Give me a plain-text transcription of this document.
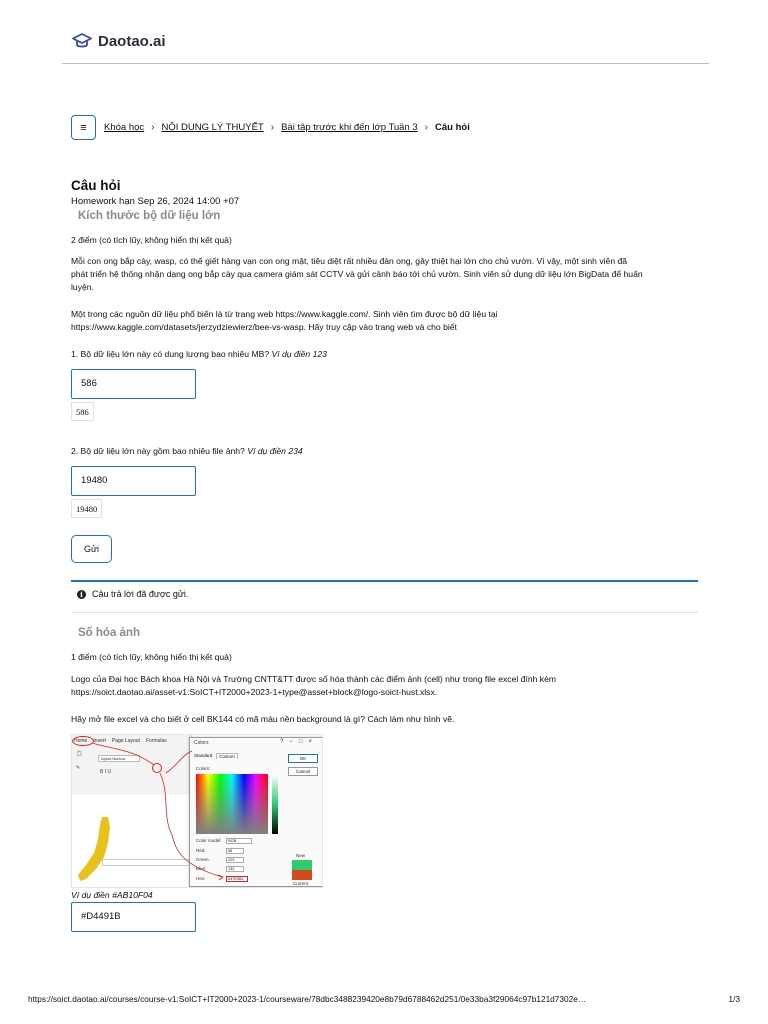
Daotao.ai
≡ Khóa học › NỘI DUNG LÝ THUYẾT › Bài tập trước khi đến lớp Tuần 3 › Câu hỏi
Câu hỏi
Homework hạn Sep 26, 2024 14:00 +07
Kích thước bộ dữ liệu lớn
2 điểm (có tích lũy, không hiển thị kết quả)
Mỗi con ong bắp cày, wasp, có thể giết hàng vạn con ong mật, tiêu diệt rất nhiều đàn ong, gây thiệt hại lớn cho chủ vườn. Vì vậy, một sinh viên đã
phát triển hệ thống nhận dạng ong bắp cày qua camera giám sát CCTV và gửi cảnh báo tới chủ vườn. Sinh viên sử dụng dữ liệu lớn BigData để huấn
luyện.
Một trong các nguồn dữ liệu phổ biến là từ trang web https://www.kaggle.com/. Sinh viên tìm được bộ dữ liệu tại
https://www.kaggle.com/datasets/jerzydziewierz/bee-vs-wasp. Hãy truy cập vào trang web và cho biết
1. Bộ dữ liệu lớn này có dung lượng bao nhiêu MB? Ví dụ điền 123
586
586
2. Bộ dữ liệu lớn này gồm bao nhiêu file ảnh? Ví dụ điền 234
19480
19480
Gửi
i	Câu trả lời đã được gửi.
Số hóa ảnh
1 điểm (có tích lũy, không hiển thị kết quả)
Logo của Đại học Bách khoa Hà Nội và Trường CNTT&TT được số hóa thành các điểm ảnh (cell) như trong file excel đính kèm
https://soict.daotao.ai/asset-v1:SoICT+IT2000+2023-1+type@asset+block@logo-soict-hust.xlsx.
Hãy mở file excel và cho biết ở cell BK144 có mã màu nền background là gì? Cách làm như hình vẽ.
Home Insert Page Layout Formulas
📋
✎
Aptos Narrow
B I U
Colors	?−□×
Standard	Custom
Colors:
OK
Cancel
Color model:	RGB
Red:	55
Green:	229
Blue:	132
Hex:	#37E584
New
Current
Ví dụ điền #AB10F04
#D4491B
https://soict.daotao.ai/courses/course-v1:SoICT+IT2000+2023-1/courseware/78dbc3488239420e8b79d6788462d251/0e33ba3f29064c97b121d7302e…	1/3
